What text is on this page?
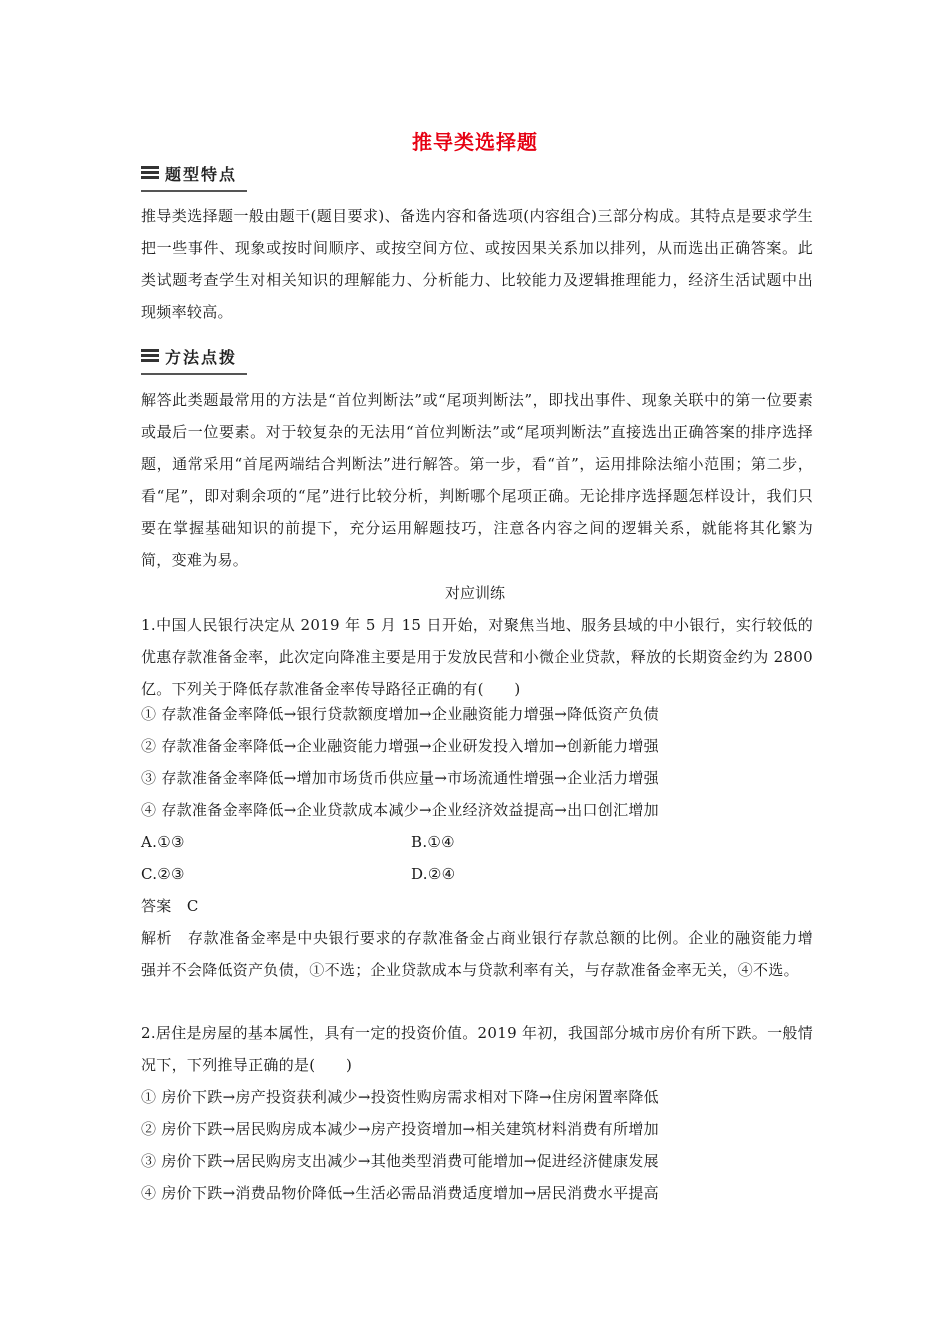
推导类选择题
题型特点
推导类选择题一般由题干(题目要求)、备选内容和备选项(内容组合)三部分构成。其特点是要求学生把一些事件、现象或按时间顺序、或按空间方位、或按因果关系加以排列，从而选出正确答案。此类试题考查学生对相关知识的理解能力、分析能力、比较能力及逻辑推理能力，经济生活试题中出现频率较高。
方法点拨
解答此类题最常用的方法是“首位判断法”或“尾项判断法”，即找出事件、现象关联中的第一位要素或最后一位要素。对于较复杂的无法用“首位判断法”或“尾项判断法”直接选出正确答案的排序选择题，通常采用“首尾两端结合判断法”进行解答。第一步，看“首”，运用排除法缩小范围；第二步，看“尾”，即对剩余项的“尾”进行比较分析，判断哪个尾项正确。无论排序选择题怎样设计，我们只要在掌握基础知识的前提下，充分运用解题技巧，注意各内容之间的逻辑关系，就能将其化繁为简，变难为易。
对应训练
1.中国人民银行决定从 2019 年 5 月 15 日开始，对聚焦当地、服务县域的中小银行，实行较低的优惠存款准备金率，此次定向降准主要是用于发放民营和小微企业贷款，释放的长期资金约为 2800 亿。下列关于降低存款准备金率传导路径正确的有(　　)
① 存款准备金率降低→银行贷款额度增加→企业融资能力增强→降低资产负债
② 存款准备金率降低→企业融资能力增强→企业研发投入增加→创新能力增强
③ 存款准备金率降低→增加市场货币供应量→市场流通性增强→企业活力增强
④ 存款准备金率降低→企业贷款成本减少→企业经济效益提高→出口创汇增加
A.①③	B.①④
C.②③	D.②④
答案　C
解析　存款准备金率是中央银行要求的存款准备金占商业银行存款总额的比例。企业的融资能力增强并不会降低资产负债，①不选；企业贷款成本与贷款利率有关，与存款准备金率无关，④不选。
2.居住是房屋的基本属性，具有一定的投资价值。2019 年初，我国部分城市房价有所下跌。一般情况下，下列推导正确的是(　　)
① 房价下跌→房产投资获利减少→投资性购房需求相对下降→住房闲置率降低
② 房价下跌→居民购房成本减少→房产投资增加→相关建筑材料消费有所增加
③ 房价下跌→居民购房支出减少→其他类型消费可能增加→促进经济健康发展
④ 房价下跌→消费品物价降低→生活必需品消费适度增加→居民消费水平提高
